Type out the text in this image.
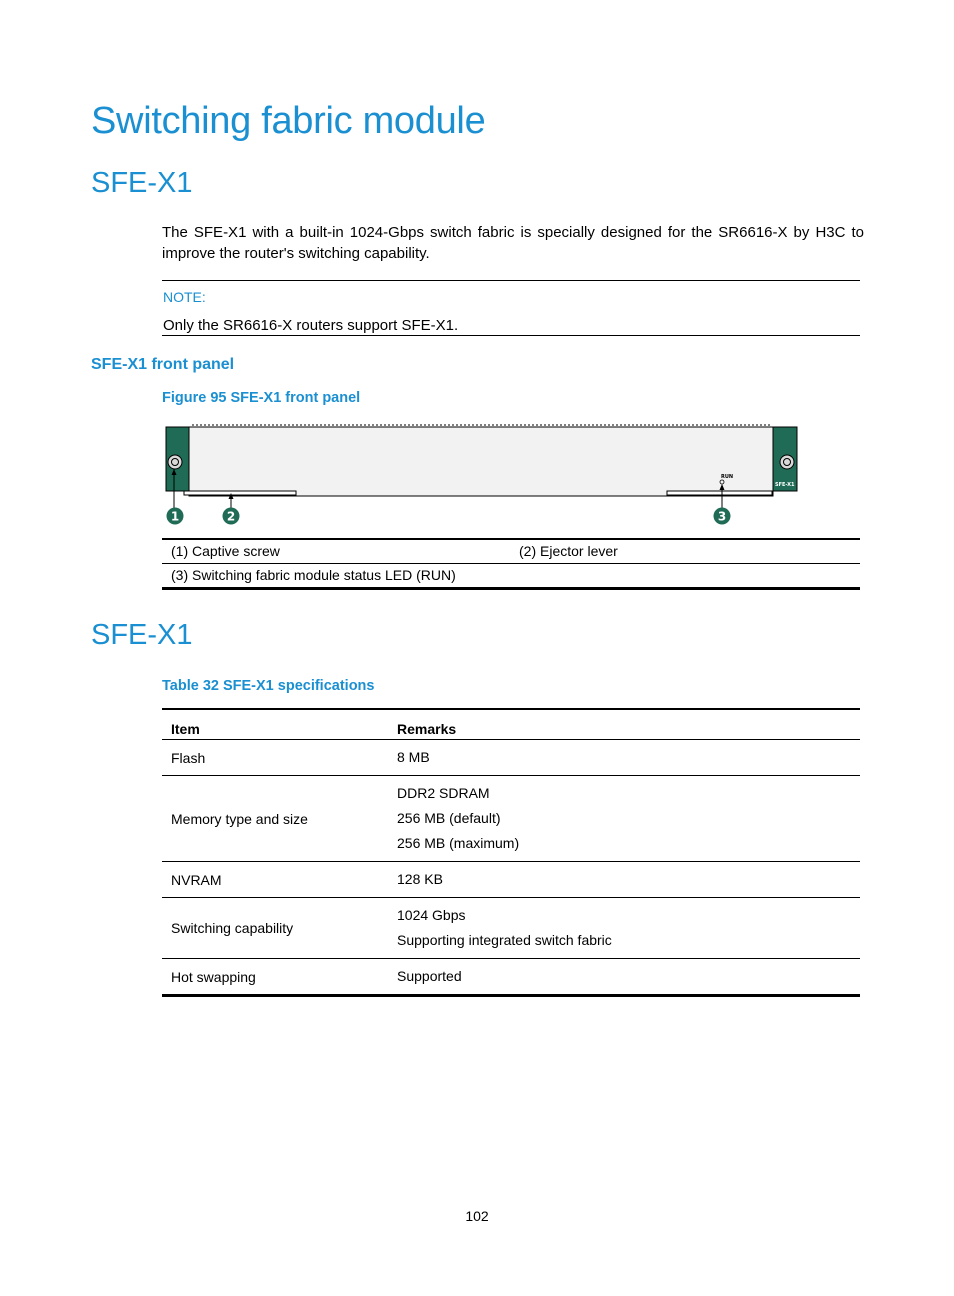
Switching fabric module
SFE-X1
The SFE-X1 with a built-in 1024-Gbps switch fabric is specially designed for the SR6616-X by H3C to improve the router's switching capability.
NOTE:
Only the SR6616-X routers support SFE-X1.
SFE-X1 front panel
Figure 95 SFE-X1 front panel
RUN
SFE-X1
1	2	3
(1) Captive screw	(2) Ejector lever
(3) Switching fabric module status LED (RUN)
SFE-X1
Table 32 SFE-X1 specifications
Item	Remarks
Flash	8 MB

Memory type and size	DDR2 SDRAM
256 MB (default)
256 MB (maximum)

NVRAM	128 KB

Switching capability	1024 Gbps
Supporting integrated switch fabric

Hot swapping	Supported
102
